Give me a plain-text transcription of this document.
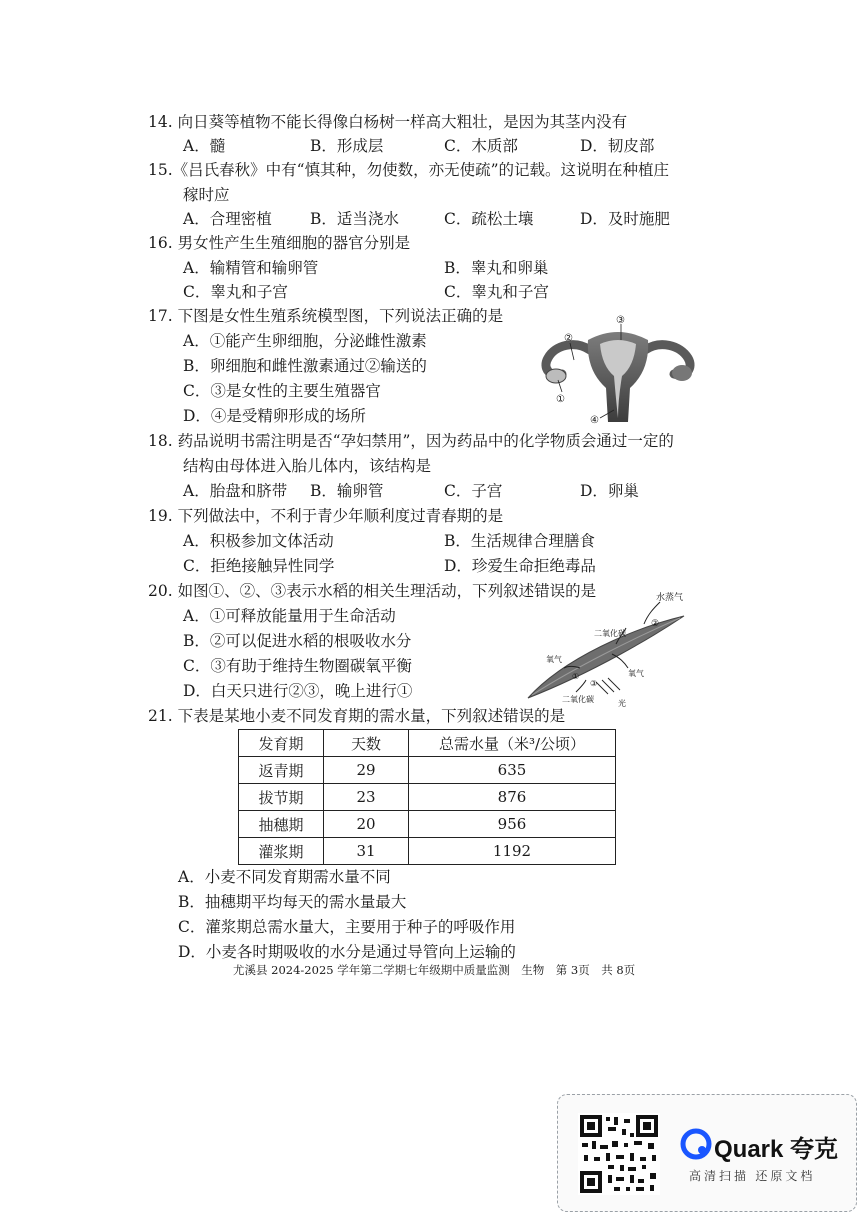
14. 向日葵等植物不能长得像白杨树一样高大粗壮，是因为其茎内没有
A．髓	B．形成层	C．木质部	D．韧皮部
15.《吕氏春秋》中有“慎其种，勿使数，亦无使疏”的记载。这说明在种植庄
稼时应
A．合理密植 B．适当浇水	C．疏松土壤	D．及时施肥
16. 男女性产生生殖细胞的器官分别是
A．输精管和输卵管	B．睾丸和卵巢
C．睾丸和子宫	C．睾丸和子宫
17. 下图是女性生殖系统模型图，下列说法正确的是
A．①能产生卵细胞，分泌雌性激素
B．卵细胞和雌性激素通过②输送的
C．③是女性的主要生殖器官
D．④是受精卵形成的场所
③
②
①
④
18. 药品说明书需注明是否“孕妇禁用”，因为药品中的化学物质会通过一定的
结构由母体进入胎儿体内，该结构是
A．胎盘和脐带 B．输卵管	C．子宫	D．卵巢
19. 下列做法中，不利于青少年顺利度过青春期的是
A．积极参加文体活动	B．生活规律合理膳食
C．拒绝接触异性同学	D．珍爱生命拒绝毒品
20. 如图①、②、③表示水稻的相关生理活动，下列叙述错误的是
A．①可释放能量用于生命活动
B．②可以促进水稻的根吸收水分
C．③有助于维持生物圈碳氧平衡
D．白天只进行②③，晚上进行①
水蒸气
②
二氧化碳
①
氧气
氧气
③
二氧化碳	光
21. 下表是某地小麦不同发育期的需水量，下列叙述错误的是
发育期	天数	总需水量（米³/公顷）
返青期	29	635
拔节期	23	876
抽穗期	20	956
灌浆期	31	1192
A．小麦不同发育期需水量不同
B．抽穗期平均每天的需水量最大
C．灌浆期总需水量大，主要用于种子的呼吸作用
D．小麦各时期吸收的水分是通过导管向上运输的
尤溪县 2024-2025 学年第二学期七年级期中质量监测　生物　第 3页　共 8页
Quark 夸克
高清扫描 还原文档
